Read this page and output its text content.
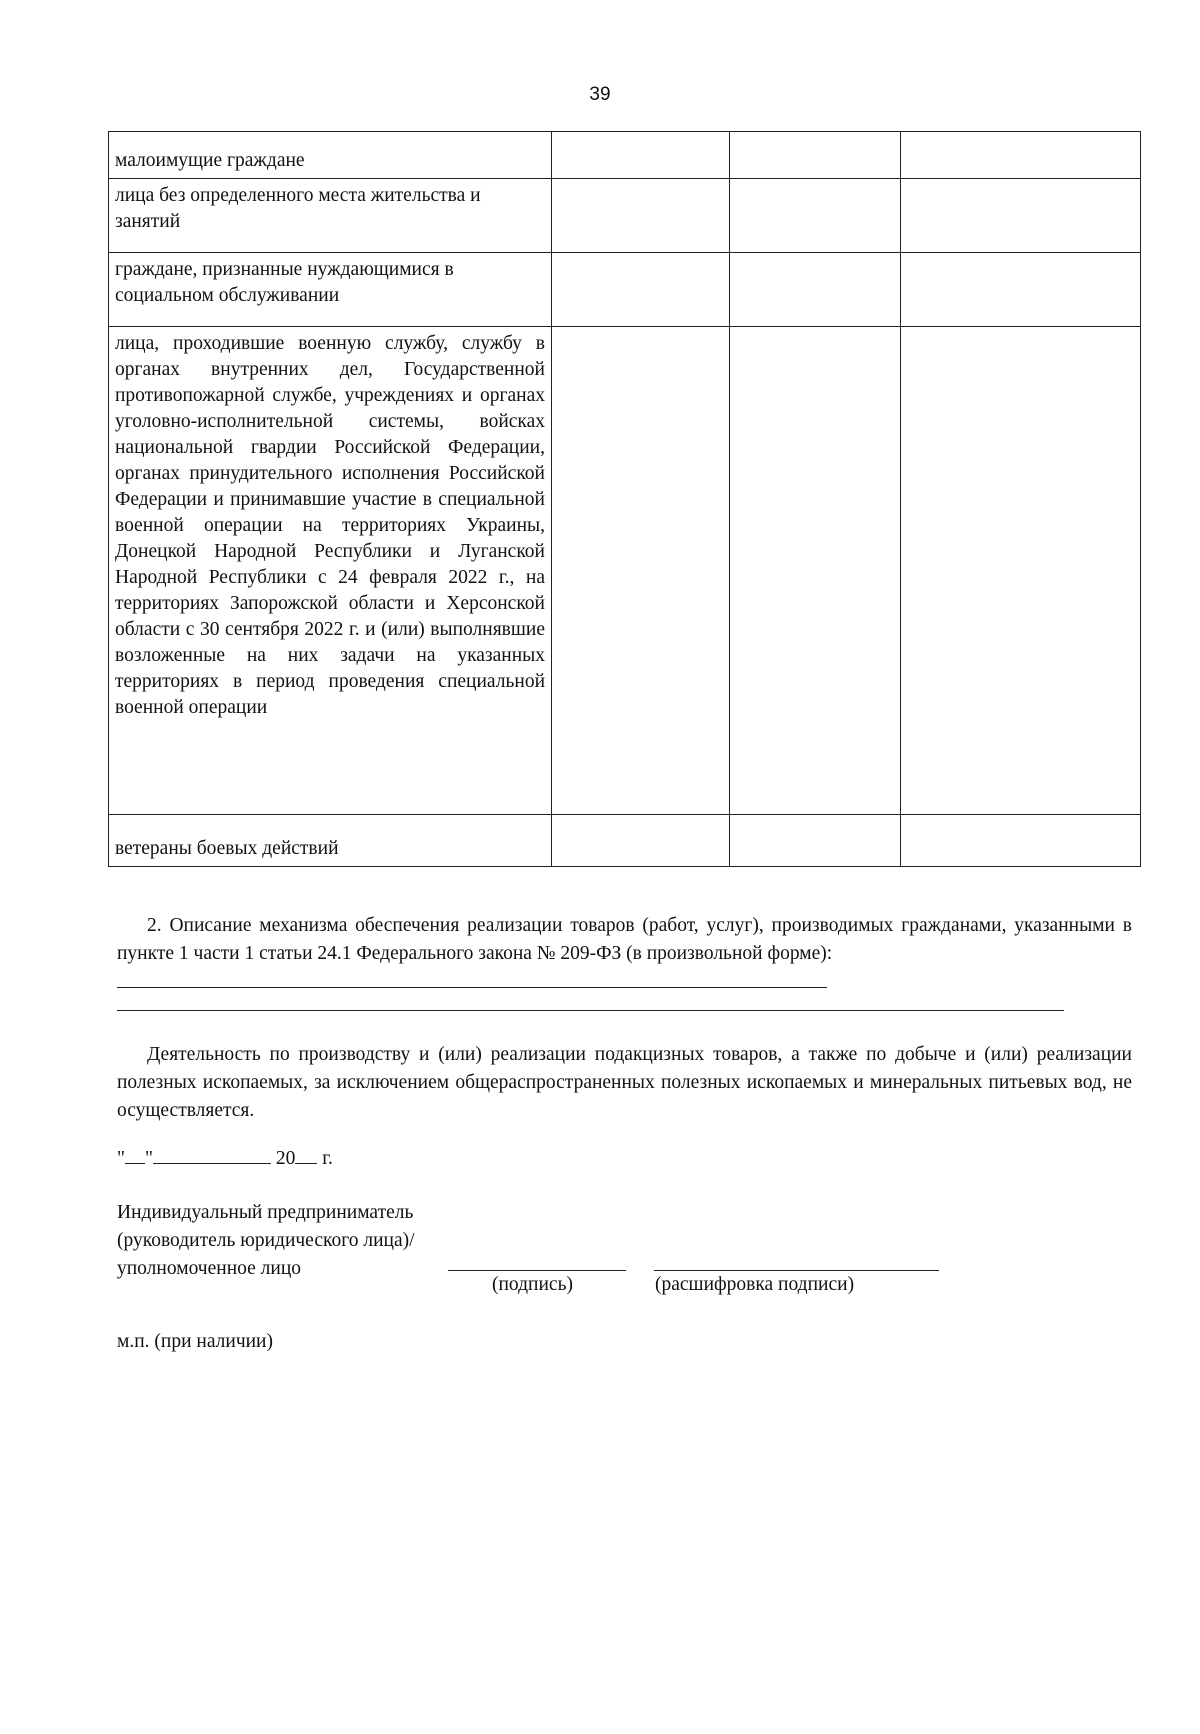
39
малоимущие граждане			
лица без определенного места жительства и занятий			
граждане, признанные нуждающимися в социальном обслуживании			
лица, проходившие военную службу, службу в органах внутренних дел, Государственной противопожарной службе, учреждениях и органах уголовно-исполнительной системы, войсках национальной гвардии Российской Федерации, органах принудительного исполнения Российской Федерации и принимавшие участие в специальной военной операции на территориях Украины, Донецкой Народной Республики и Луганской Народной Республики с 24 февраля 2022 г., на территориях Запорожской области и Херсонской области с 30 сентября 2022 г. и (или) выполнявшие возложенные на них задачи на указанных территориях в период проведения специальной военной операции			
ветераны боевых действий			
2. Описание механизма обеспечения реализации товаров (работ, услуг), производимых гражданами, указанными в пункте 1 части 1 статьи 24.1 Федерального закона № 209-ФЗ (в произвольной форме):
Деятельность по производству и (или) реализации подакцизных товаров, а также по добыче и (или) реализации полезных ископаемых, за исключением общераспространенных полезных ископаемых и минеральных питьевых вод, не осуществляется.
" "	20 г.
Индивидуальный предприниматель
(руководитель юридического лица)/
уполномоченное лицо
(подпись)	(расшифровка подписи)
м.п. (при наличии)
